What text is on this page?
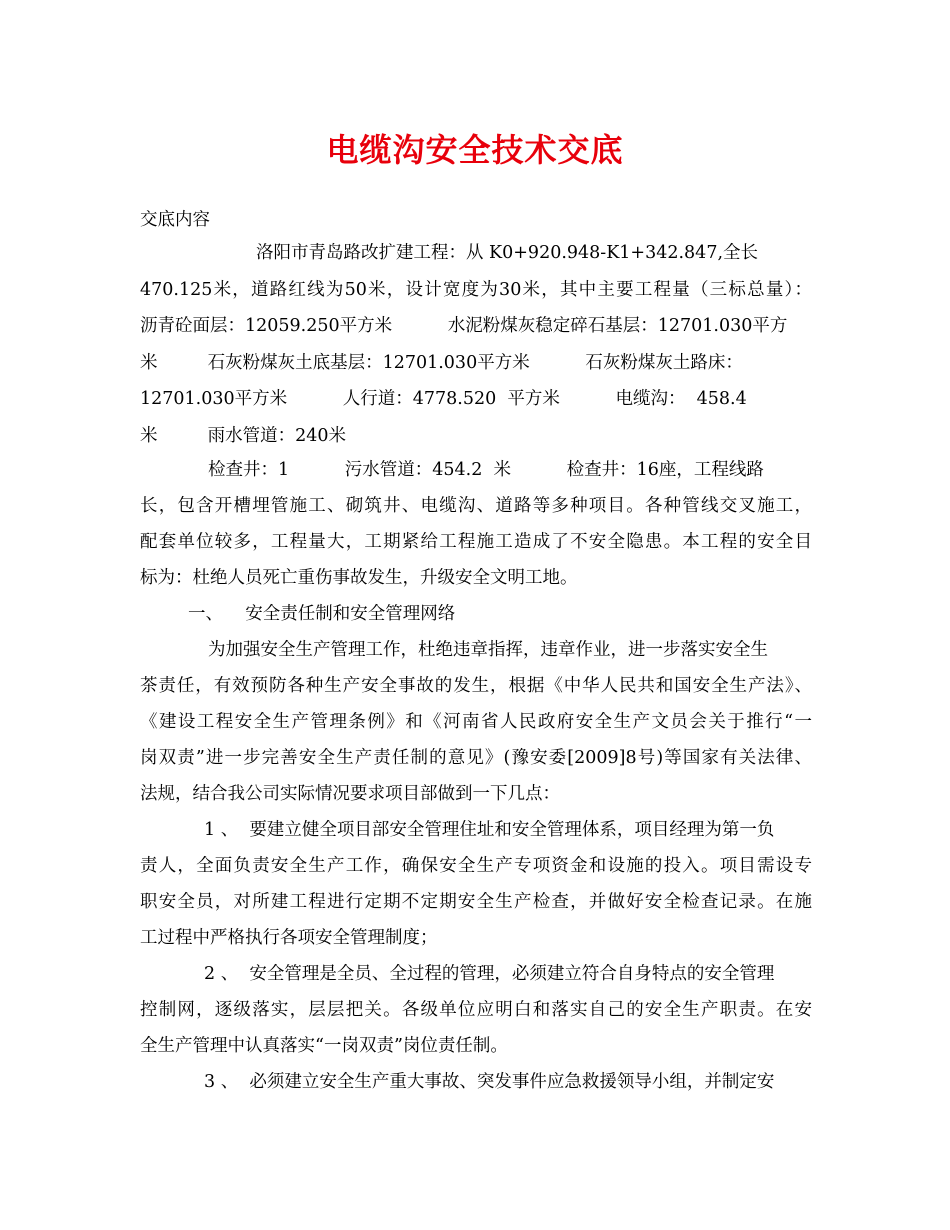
电缆沟安全技术交底
交底内容
洛阳市青岛路改扩建工程：从 K0+920.948-K1+342.847,全长
470.125米，道路红线为50米，设计宽度为30米，其中主要工程量（三标总量）：
沥青砼面层：12059.250平方米          水泥粉煤灰稳定碎石基层：12701.030平方
米         石灰粉煤灰土底基层：12701.030平方米          石灰粉煤灰土路床：
12701.030平方米          人行道：4778.520  平方米          电缆沟：  458.4
米         雨水管道：240米
检查井：1          污水管道：454.2  米          检查井：16座，工程线路
长，包含开槽埋管施工、砌筑井、电缆沟、道路等多种项目。各种管线交叉施工，
配套单位较多，工程量大，工期紧给工程施工造成了不安全隐患。本工程的安全目
标为：杜绝人员死亡重伤事故发生，升级安全文明工地。
一、    安全责任制和安全管理网络
为加强安全生产管理工作，杜绝违章指挥，违章作业，进一步落实安全生
茶责任，有效预防各种生产安全事故的发生，根据《中华人民共和国安全生产法》、
《建设工程安全生产管理条例》和《河南省人民政府安全生产文员会关于推行“一
岗双责”进一步完善安全生产责任制的意见》(豫安委[2009]8号)等国家有关法律、
法规，结合我公司实际情况要求项目部做到一下几点：
1 、  要建立健全项目部安全管理住址和安全管理体系，项目经理为第一负
责人，全面负责安全生产工作，确保安全生产专项资金和设施的投入。项目需设专
职安全员，对所建工程进行定期不定期安全生产检查，并做好安全检查记录。在施
工过程中严格执行各项安全管理制度；
2 、  安全管理是全员、全过程的管理，必须建立符合自身特点的安全管理
控制网，逐级落实，层层把关。各级单位应明白和落实自己的安全生产职责。在安
全生产管理中认真落实“一岗双责”岗位责任制。
3 、  必须建立安全生产重大事故、突发事件应急救援领导小组，并制定安
